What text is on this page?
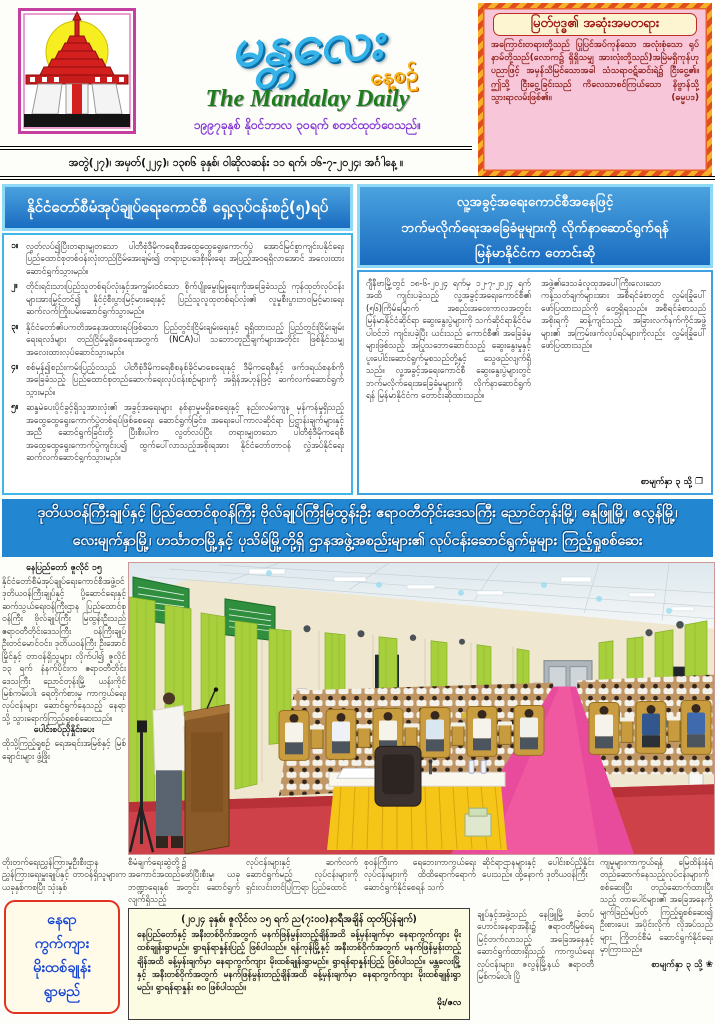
မန္တလေး
နေ့စဉ်
The Mandalay Daily
၁၉၉၇ခုနှစ် နိုဝင်ဘာလ ၃၀ရက် စတင်ထုတ်ဝေသည်။
မြတ်ဗုဒ္ဓ၏ အဆုံးအမတရား
အကြောင်းတရားတို့သည် ပြုပြင်အပ်ကုန်သော အလုံးစုံသော ရုပ်နာမ်တို့သည်(လောက၌ ရှိရှိသမျှ အားလုံးတို့သည်)အမြဲမရှိကုန်ဟု ပညာဖြင့် အမှန်သိမြင်သောအခါ သံသရာဝဋ်ဆင်းရဲ၌ ငြီးငွေ့၏။ ဤသို့ ငြီးငွေ့ခြင်းသည် ကိလေသာစင်ကြယ်သော နိဗ္ဗာန်သို့ သွားရာလမ်းဖြစ်၏။	(ဓမ္မပဒ)
အတွဲ(၂၇)၊ အမှတ်(၂၂၄)၊ ၁၃၈၆ ခုနှစ်၊ ဝါဆိုလဆန်း ၁၁ ရက်၊ ၁၆-၇-၂၀၂၄၊ အင်္ဂါနေ့ ။
နိုင်ငံတော်စီမံအုပ်ချုပ်ရေးကောင်စီ ရှေ့လုပ်ငန်းစဉ်(၅)ရပ်
၁။ လွတ်လပ်၍ပြီးတရားမျှတသော ပါတီစုံဒီမိုကရေစီအထွေထွေရွေးကောက်ပွဲ အောင်မြင်စွာကျင်းပနိုင်ရေး ပြည်ထောင်စုတစ်ဝန်းလုံးတည်ငြိမ်အေးချမ်း၍ တရားဥပဒေစိုးမိုးရေး အပြည့်အဝရရှိလာအောင် အလေးထားဆောင်ရွက်သွားမည်။
၂။ တိုင်းရင်းသားပြည်သူတစ်ရပ်လုံးနှင့်အကျွမ်းဝင်သော စိုက်ပျိုးမွေးမြူရေးကိုအခြေခံသည့် ကုန်ထုတ်လုပ်ငန်းများအားမြှင့်တင်၍ နိုင်ငံ့စီးပွားမြင့်မားရေးနှင့် ပြည်သူလူထုတစ်ရပ်လုံး၏ လူမှုစီးပွားဘဝမြင့်မားရေး ဆက်လက်ကြိုးပမ်းဆောင်ရွက်သွားမည်။
၃။ နိုင်ငံတော်၏ပကတိအနေအထားရပ်ဖြစ်သော ပြည်တွင်းငြိမ်းချမ်းရေးနှင့် ရရှိထားသည့် ပြည်တွင်းငြိမ်းချမ်းရေးရလဒ်များ တည်ငြိမ်မှုရှိစေရေးအတွက် (NCA)ပါ သဘောတူညီချက်များအတိုင်း ဖြစ်နိုင်သမျှ အလေးထားလုပ်ဆောင်သွားမည်။
၄။ စစ်မှန်၍စည်းကမ်းပြည့်ဝသည့် ပါတီစုံဒီမိုကရေစီစနစ်ခိုင်မာစေရေးနှင့် ဒီမိုကရေစီနှင့် ဖက်ဒရယ်စနစ်ကို အခြေခံသည့် ပြည်ထောင်စုတည်ဆောက်ရေးလုပ်ငန်းစဉ်များကို အရှိန်အဟုန်ဖြင့် ဆက်လက်ဆောင်ရွက်သွားမည်။
၅။ ဆန္ဒမဲပေးပိုင်ခွင့်ရှိသူအားလုံး၏ အခွင့်အရေးများ နစ်နာမှုမရှိစေရေးနှင့် နည်းလမ်းကျန မှန်ကန်မှုရှိသည့် အထွေထွေရွေးကောက်ပွဲတစ်ရပ်ဖြစ်စေရေး ဆောင်ရွက်ခြင်း၊ အရေးပေါ်ကာလဆိုင်ရာ ပြဋ္ဌာန်းချက်များနှင့်အညီ ဆောင်ရွက်ခြင်းတို့ ပြီးစီးပါက လွတ်လပ်ပြီး တရားမျှတသော ပါတီစုံဒီမိုကရေစီ အထွေထွေရွေးကောက်ပွဲကျင်းပ၍ ထွက်ပေါ်လာသည့်အစိုးရအား နိုင်ငံတော်တာဝန် လွှဲအပ်နိုင်ရေး ဆက်လက်ဆောင်ရွက်သွားမည်။
လူ့အခွင့်အရေးကောင်စီအနေဖြင့်
ဘက်မလိုက်ရေးအခြေခံမူများကို လိုက်နာဆောင်ရွက်ရန်
မြန်မာနိုင်ငံက တောင်းဆို
ဂျီနီဗာမြို့တွင် ၁၈-၆-၂၀၂၄ ရက်မှ ၁၂-၇-၂၀၂၄ ရက်အထိ ကျင်းပခဲ့သည့် လူ့အခွင့်အရေးကောင်စီ၏ (၅၆)ကြိမ်မြောက် အစည်းအဝေးကာလအတွင်း မြန်မာနိုင်ငံဆိုင်ရာ ဆွေးနွေးပွဲများကို သက်ဆိုင်ရာနိုင်ငံမပါဝင်ဘဲ ကျင်းပခဲ့ပြီး ယင်းသည် ကောင်စီ၏ အခြေခံမူများဖြစ်သည့် အပြုသဘောဆောင်သည့် ဆွေးနွေးမှုနှင့် ပူးပေါင်းဆောင်ရွက်မှုစသည်တို့နှင့် သွေဖည်လျက်ရှိသည်။ လူ့အခွင့်အရေးကောင်စီ ဆွေးနွေးပွဲများတွင် ဘက်မလိုက်ရေးအခြေခံမူများကို လိုက်နာဆောင်ရွက်ရန် မြန်မာနိုင်ငံက တောင်းဆိုထားသည်။
အဖွဲ့၏ဒေသခံလူထုအပေါ်ကြီးလေးသော ကန့်သတ်ချက်များအား အစီရင်ခံစာတွင် လွှမ်းခြုံပေါ်ဖော်ပြထားသည်ကို တွေ့ရှိရသည်။ အစီရင်ခံစာသည် အစိုးရကို ဆန့်ကျင်သည့် အခြားလက်နက်ကိုင်အဖွဲ့များ၏ အကြမ်းဖက်လုပ်ရပ်များကိုလည်း လွှမ်းခြုံပေါ်ဖော်ပြထားသည်။
စာမျက်နှာ ၃ သို့ ❐
ဒုတိယဝန်ကြီးချုပ်နှင့် ပြည်ထောင်စုဝန်ကြီး ဗိုလ်ချုပ်ကြီးမြထွန်းဦး ဧရာဝတီတိုင်းဒေသကြီး ညောင်တုန်းမြို့၊ ဓနုဖြူမြို့၊ ဇလွန်မြို့၊
လေးမျက်နှာမြို့၊ ဟင်္သာတမြို့နှင့် ပုသိမ်မြို့တို့ရှိ ဌာနအဖွဲ့အစည်းများ၏ လုပ်ငန်းဆောင်ရွက်မှုများ ကြည့်ရှုစစ်ဆေး
နေပြည်တော် ဇူလိုင် ၁၅
နိုင်ငံတော်စီမံအုပ်ချုပ်ရေးကောင်စီအဖွဲ့ဝင် ဒုတိယဝန်ကြီးချုပ်နှင့် ပို့ဆောင်ရေးနှင့် ဆက်သွယ်ရေးဝန်ကြီးဌာန ပြည်ထောင်စုဝန်ကြီး ဗိုလ်ချုပ်ကြီး မြထွန်းဦးသည် ဧရာဝတီတိုင်းဒေသကြီး ဝန်ကြီးချုပ် ဦးတင်မောင်ဝင်း၊ ဒုတိယဝန်ကြီး ဦးအောင်မြိုင်နှင့် တာဝန်ရှိသူများ လိုက်ပါ၍ ဇူလိုင် ၁၃ ရက် နံနက်ပိုင်းက ဧရာဝတီတိုင်းဒေသကြီး ညောင်တုန်းမြို့ ယန်းကိုင်မြစ်ကမ်းပါး ရေတိုက်စားမှု ကာကွယ်ရေးလုပ်ငန်းများ ဆောင်ရွက်နေသည့် နေရာသို့ သွားရောက်ကြည့်ရှုစစ်ဆေးသည်။
ပေါင်းစပ်ညှိနှိုင်းပေး
ထိုသို့ကြည့်ရှုစဉ် ရေအရင်းအမြစ်နှင့် မြစ်ချောင်းများ ဖွံ့ဖြိုး
တိုးတက်ရေးညွှန်ကြားမှုဦးစီးဌာန ညွှန်ကြားရေးမှူးချုပ်နှင့် တာဝန်ရှိသူများက ယခုနှစ်ကစပြီး သုံးနှစ်
စီမံချက်ရေးဆွဲတို့၌ အကောင်အထည်ဖော်ပြီးစီးမှု၊ ယခုဘဏ္ဍာရေးနှစ် အတွင်း ဆောင်ရွက်လျက်ရှိသည့်
လုပ်ငန်းများနှင့် ဆက်လက်ဆောင်ရွက်မည့် လုပ်ငန်းများကို ရှင်းလင်းတင်ပြကြရာ ပြည်ထောင်
စုဝန်ကြီးက ရေဘေးကာကွယ်ရေးလုပ်ငန်းများကို ထိထိရောက်ရောက်ဆောင်ရွက်နိုင်စေရန် သက်
ဆိုင်ရာဌာနများနှင့် ပေါင်းစပ်ညှိနှိုင်းပေးသည်။ ထို့နောက် ဒုတိယဝန်ကြီး
နေရာ
ကွက်ကျား
မိုးထစ်ချုန်း
ရွာမည်
(၂၀၂၄ ခုနှစ်၊ ဇူလိုင်လ ၁၅ ရက် ည(၇:၀၀)နာရီအချိန် ထုတ်ပြန်ချက်)
နေပြည်တော်နှင့် အနီးတစ်ဝိုက်အတွက် မနက်ဖြန်မွန်းတည့်ချိန်အထိ ခန့်မှန်းချက်မှာ နေရာကွက်ကျား မိုးထစ်ချုန်းရွာမည်။ ရွာရန်ရာနှုန်းပြည့် ဖြစ်ပါသည်။ ရန်ကုန်မြို့နှင့် အနီးတစ်ဝိုက်အတွက် မနက်ဖြန်မွန်းတည့်ချိန်အထိ ခန့်မှန်းချက်မှာ နေရာကွက်ကျား မိုးထစ်ချုန်းရွာမည်။ ရွာရန်ရာနှုန်းပြည့် ဖြစ်ပါသည်။ မန္တလေးမြို့နှင့် အနီးတစ်ဝိုက်အတွက် မနက်ဖြန်မွန်းတည့်ချိန်အထိ ခန့်မှန်းချက်မှာ နေရာကွက်ကျား မိုးထစ်ချုန်းရွာမည်။ ရွာရန်ရာနှုန်း ၈၀ ဖြစ်ပါသည်။
မိုး/ဇလ
ချုပ်နှင့်အဖွဲ့သည် နေဖြူမြို့ ခံတပ်ဟောင်းနေရာအနီး၌ ဧရာဝတီမြစ်ရေ မြင့်တက်လာသည့် အခြေအနေနှင့် ဆောင်ရွက်ထားရှိသည့် ကာကွယ်ရေးလုပ်ငန်းများ၊ ဇလွန်မြို့နယ် ဧရာဝတီမြစ်ကမ်းပါး ပြို
ကျမှုများကာကွယ်ရန် မြေထိန်းနံရံတည်ဆောက်နေသည့်လုပ်ငန်းများကို စစ်ဆေးပြီး တည်ဆောက်ထားပြီးသည့် တာပေါင်များ၏ အခြေအနေကို မျက်ခြည်မပြတ် ကြည့်ရှုစစ်ဆေး၍ ဦးစားပေး အပိုင်းလိုက် လိုအပ်သည်များ ကြိုတင်စီမံ ဆောင်ရွက်နိုင်ရေး မှာကြားသည်။
စာမျက်နှာ ၃ သို့ ❀
